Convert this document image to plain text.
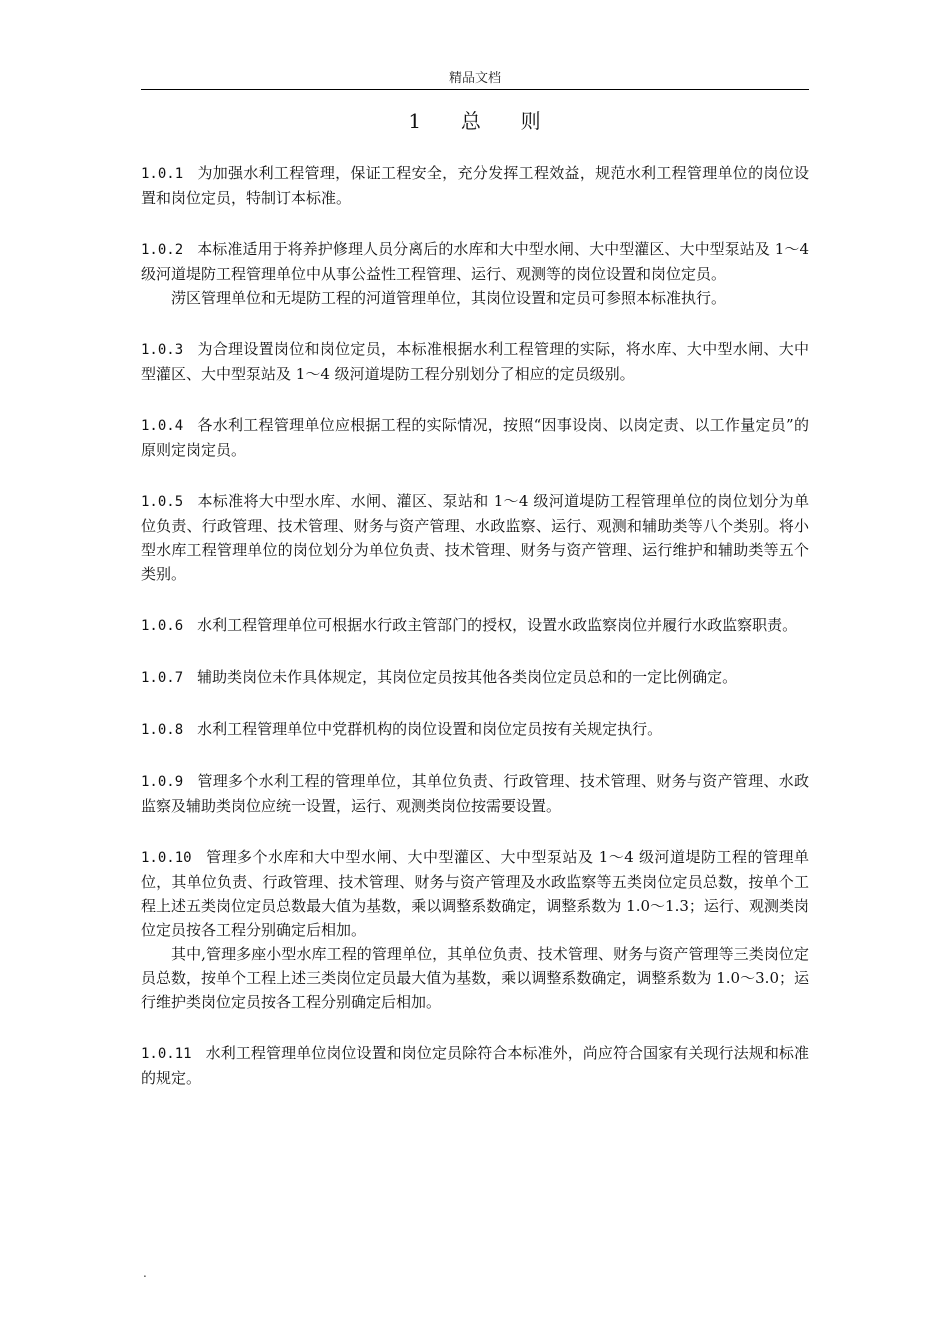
精品文档
1  总  则

1.0.1 为加强水利工程管理，保证工程安全，充分发挥工程效益，规范水利工程管理单位的岗位设置和岗位定员，特制订本标准。

1.0.2 本标准适用于将养护修理人员分离后的水库和大中型水闸、大中型灌区、大中型泵站及 1～4 级河道堤防工程管理单位中从事公益性工程管理、运行、观测等的岗位设置和岗位定员。

涝区管理单位和无堤防工程的河道管理单位，其岗位设置和定员可参照本标准执行。

1.0.3 为合理设置岗位和岗位定员，本标准根据水利工程管理的实际，将水库、大中型水闸、大中型灌区、大中型泵站及 1～4 级河道堤防工程分别划分了相应的定员级别。

1.0.4 各水利工程管理单位应根据工程的实际情况，按照“因事设岗、以岗定责、以工作量定员”的原则定岗定员。

1.0.5 本标准将大中型水库、水闸、灌区、泵站和 1～4 级河道堤防工程管理单位的岗位划分为单位负责、行政管理、技术管理、财务与资产管理、水政监察、运行、观测和辅助类等八个类别。将小型水库工程管理单位的岗位划分为单位负责、技术管理、财务与资产管理、运行维护和辅助类等五个类别。

1.0.6 水利工程管理单位可根据水行政主管部门的授权，设置水政监察岗位并履行水政监察职责。

1.0.7 辅助类岗位未作具体规定，其岗位定员按其他各类岗位定员总和的一定比例确定。

1.0.8 水利工程管理单位中党群机构的岗位设置和岗位定员按有关规定执行。

1.0.9 管理多个水利工程的管理单位，其单位负责、行政管理、技术管理、财务与资产管理、水政监察及辅助类岗位应统一设置，运行、观测类岗位按需要设置。

1.0.10 管理多个水库和大中型水闸、大中型灌区、大中型泵站及 1～4 级河道堤防工程的管理单位，其单位负责、行政管理、技术管理、财务与资产管理及水政监察等五类岗位定员总数，按单个工程上述五类岗位定员总数最大值为基数，乘以调整系数确定，调整系数为 1.0～1.3；运行、观测类岗位定员按各工程分别确定后相加。

其中,管理多座小型水库工程的管理单位，其单位负责、技术管理、财务与资产管理等三类岗位定员总数，按单个工程上述三类岗位定员最大值为基数，乘以调整系数确定，调整系数为 1.0～3.0；运行维护类岗位定员按各工程分别确定后相加。

1.0.11 水利工程管理单位岗位设置和岗位定员除符合本标准外，尚应符合国家有关现行法规和标准的规定。

.
